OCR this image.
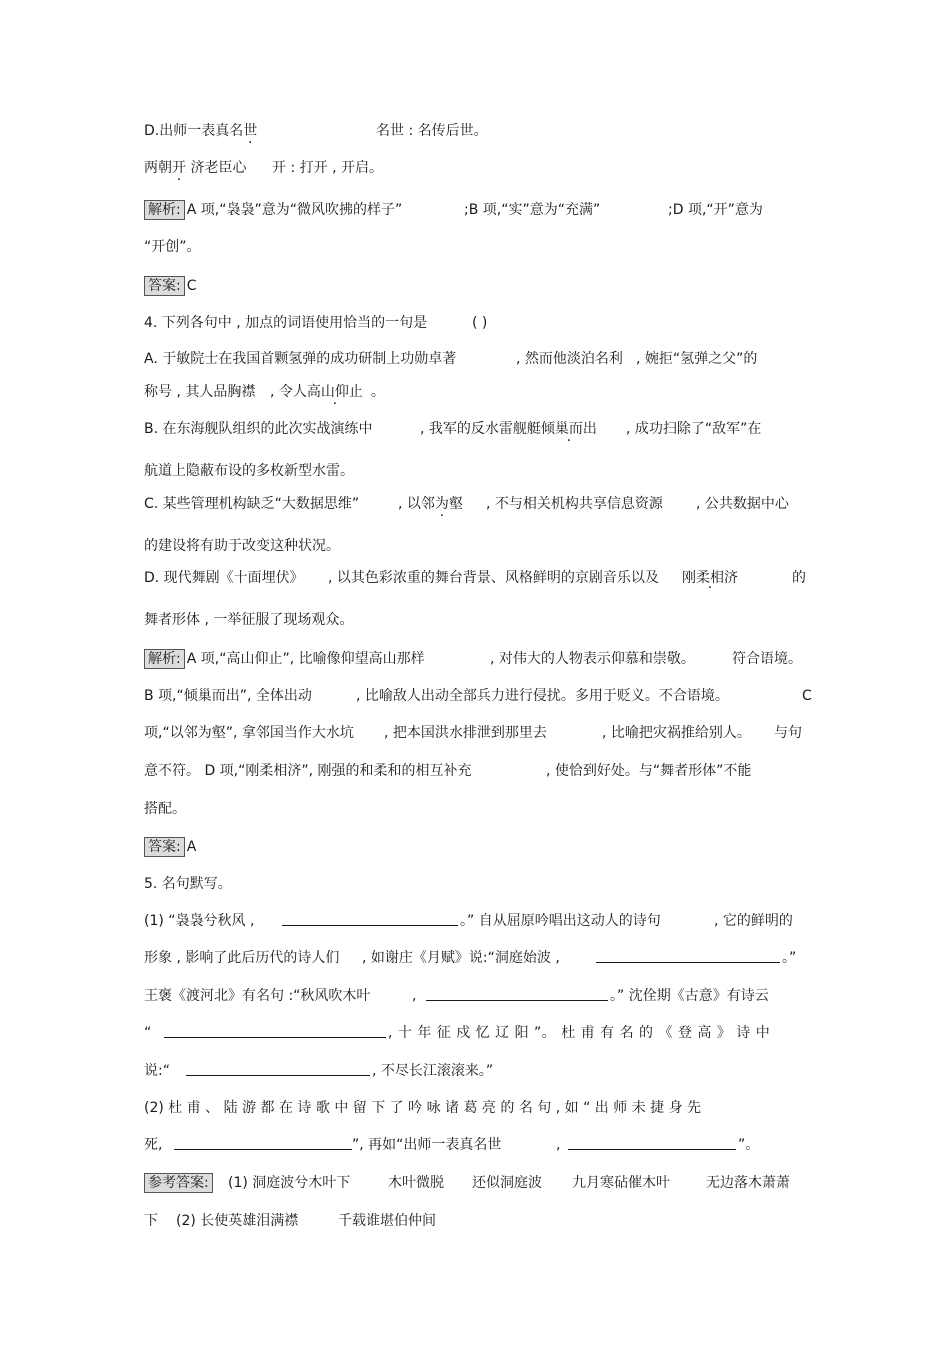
D.出师一表真名世	名世 : 名传后世。
两朝开 济老臣心 开 : 打开 , 开启。
解析: A 项,“袅袅”意为“微风吹拂的样子”	;B 项,“实”意为“充满”	;D 项,“开”意为
“开创”。
答案: C
4. 下列各句中 , 加点的词语使用恰当的一句是	( )
A. 于敏院士在我国首颗氢弹的成功研制上功勋卓著	, 然而他淡泊名利 , 婉拒“氢弹之父”的
称号 , 其人品胸襟 , 令人高山仰止 。
B. 在东海舰队组织的此次实战演练中	, 我军的反水雷舰艇倾巢而出 , 成功扫除了“敌军”在
航道上隐蔽布设的多枚新型水雷。
C. 某些管理机构缺乏“大数据思维”	, 以邻为壑 , 不与相关机构共享信息资源 , 公共数据中心
的建设将有助于改变这种状况。
D. 现代舞剧《十面埋伏》 , 以其色彩浓重的舞台背景、风格鲜明的京剧音乐以及 刚柔相济 ·	的
舞者形体 , 一举征服了现场观众。
解析: A 项,“高山仰止”, 比喻像仰望高山那样	, 对伟大的人物表示仰慕和崇敬。	符合语境。
B 项,“倾巢而出”, 全体出动	, 比喻敌人出动全部兵力进行侵扰。多用于贬义。不合语境。	C
项,“以邻为壑”, 拿邻国当作大水坑 , 把本国洪水排泄到那里去	, 比喻把灾祸推给别人。 与句
意不符。 D 项,“刚柔相济”, 刚强的和柔和的相互补充	, 使恰到好处。与“舞者形体”不能
搭配。
答案: A
5. 名句默写。
(1) “袅袅兮秋风 ,	。” 自从屈原吟唱出这动人的诗句	, 它的鲜明的
形象 , 影响了此后历代的诗人们 , 如谢庄《月赋》说:“洞庭始波 ,	。”
王褒《渡河北》有名句 :“秋风吹木叶	,	。” 沈佺期《古意》有诗云
“	, 十 年 征 戍 忆 辽 阳 ”。 杜 甫 有 名 的 《 登 高 》 诗 中
说:“	, 不尽长江滚滚来。”
(2) 杜 甫 、 陆 游 都 在 诗 歌 中 留 下 了 吟 咏 诸 葛 亮 的 名 句 , 如 “ 出 师 未 捷 身 先
死,	”, 再如“出师一表真名世	,	”。
参考答案: (1) 洞庭波兮木叶下	木叶微脱 还似洞庭波 九月寒砧催木叶	无边落木萧萧
下 (2) 长使英雄泪满襟	千载谁堪伯仲间
